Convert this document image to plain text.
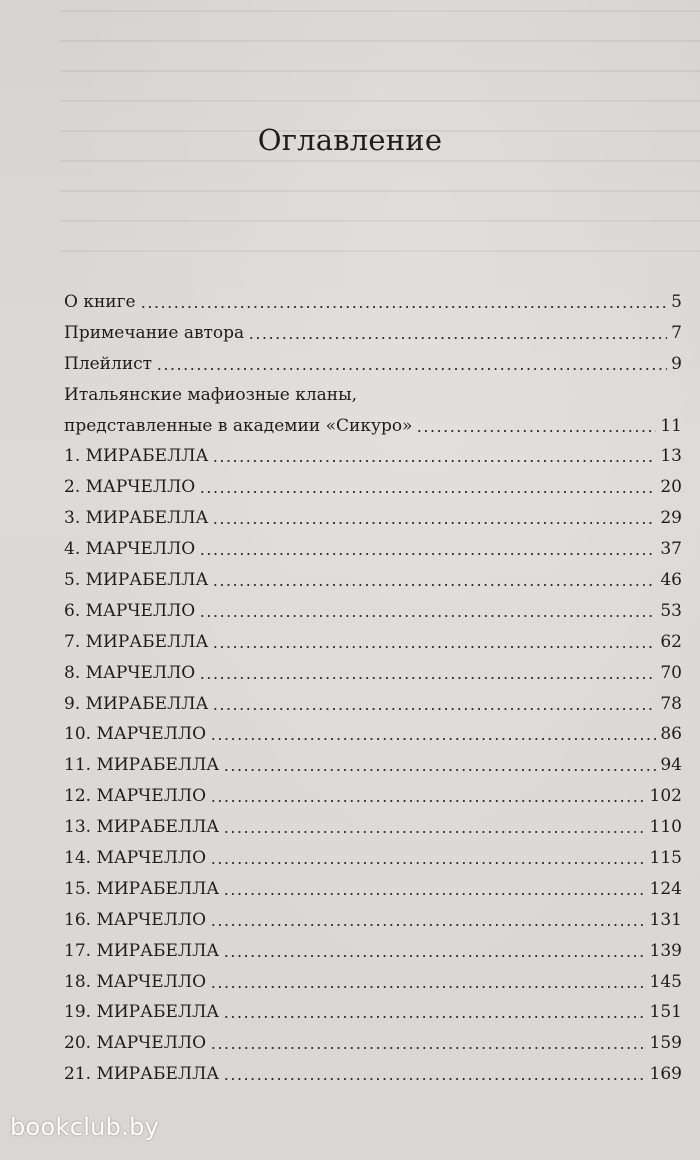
Оглавление
О книге	5
Примечание автора	7
Плейлист	9
Итальянские мафиозные кланы,
представленные в академии «Сикуро»	11
1. МИРАБЕЛЛА	13
2. МАРЧЕЛЛО	20
3. МИРАБЕЛЛА	29
4. МАРЧЕЛЛО	37
5. МИРАБЕЛЛА	46
6. МАРЧЕЛЛО	53
7. МИРАБЕЛЛА	62
8. МАРЧЕЛЛО	70
9. МИРАБЕЛЛА	78
10. МАРЧЕЛЛО	86
11. МИРАБЕЛЛА	94
12. МАРЧЕЛЛО	102
13. МИРАБЕЛЛА	110
14. МАРЧЕЛЛО	115
15. МИРАБЕЛЛА	124
16. МАРЧЕЛЛО	131
17. МИРАБЕЛЛА	139
18. МАРЧЕЛЛО	145
19. МИРАБЕЛЛА	151
20. МАРЧЕЛЛО	159
21. МИРАБЕЛЛА	169
bookclub.by
